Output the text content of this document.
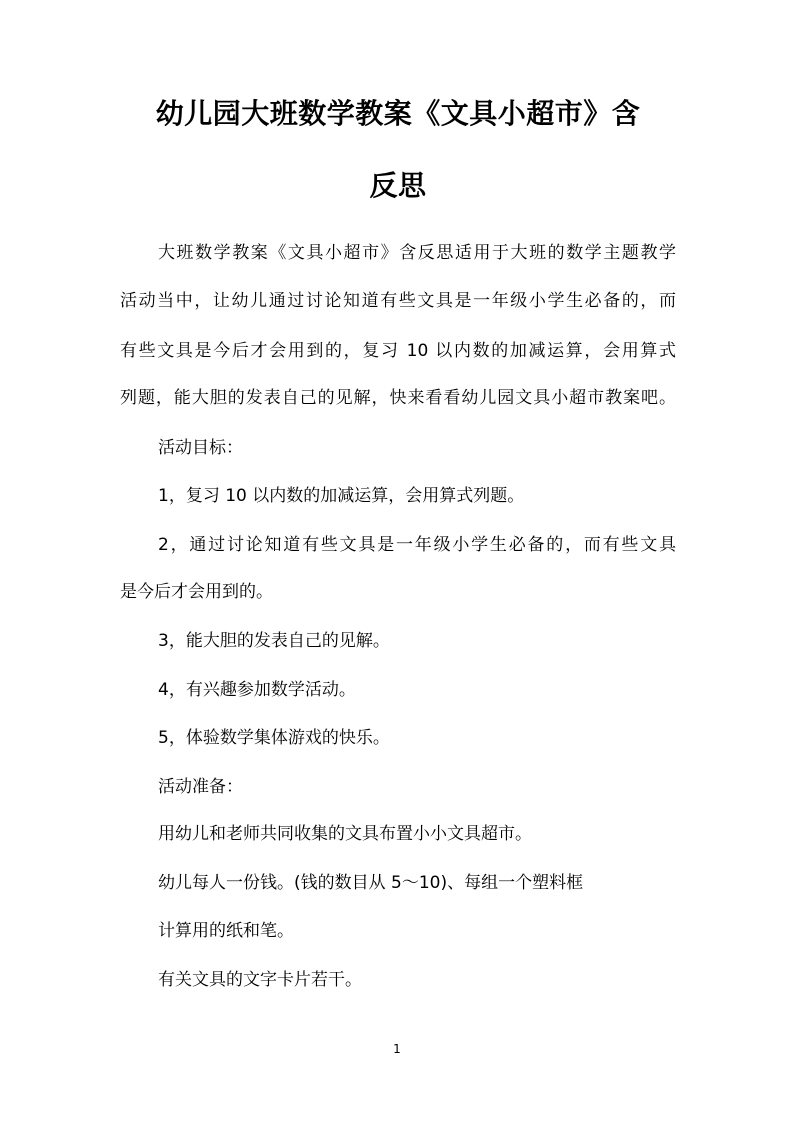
幼儿园大班数学教案《文具小超市》含
反思
大班数学教案《文具小超市》含反思适用于大班的数学主题教学
活动当中，让幼儿通过讨论知道有些文具是一年级小学生必备的，而
有些文具是今后才会用到的，复习 10 以内数的加减运算，会用算式
列题，能大胆的发表自己的见解，快来看看幼儿园文具小超市教案吧。
活动目标：
1，复习 10 以内数的加减运算，会用算式列题。
2，通过讨论知道有些文具是一年级小学生必备的，而有些文具
是今后才会用到的。
3，能大胆的发表自己的见解。
4，有兴趣参加数学活动。
5，体验数学集体游戏的快乐。
活动准备：
用幼儿和老师共同收集的文具布置小小文具超市。
幼儿每人一份钱。(钱的数目从 5～10)、每组一个塑料框
计算用的纸和笔。
有关文具的文字卡片若干。
1
